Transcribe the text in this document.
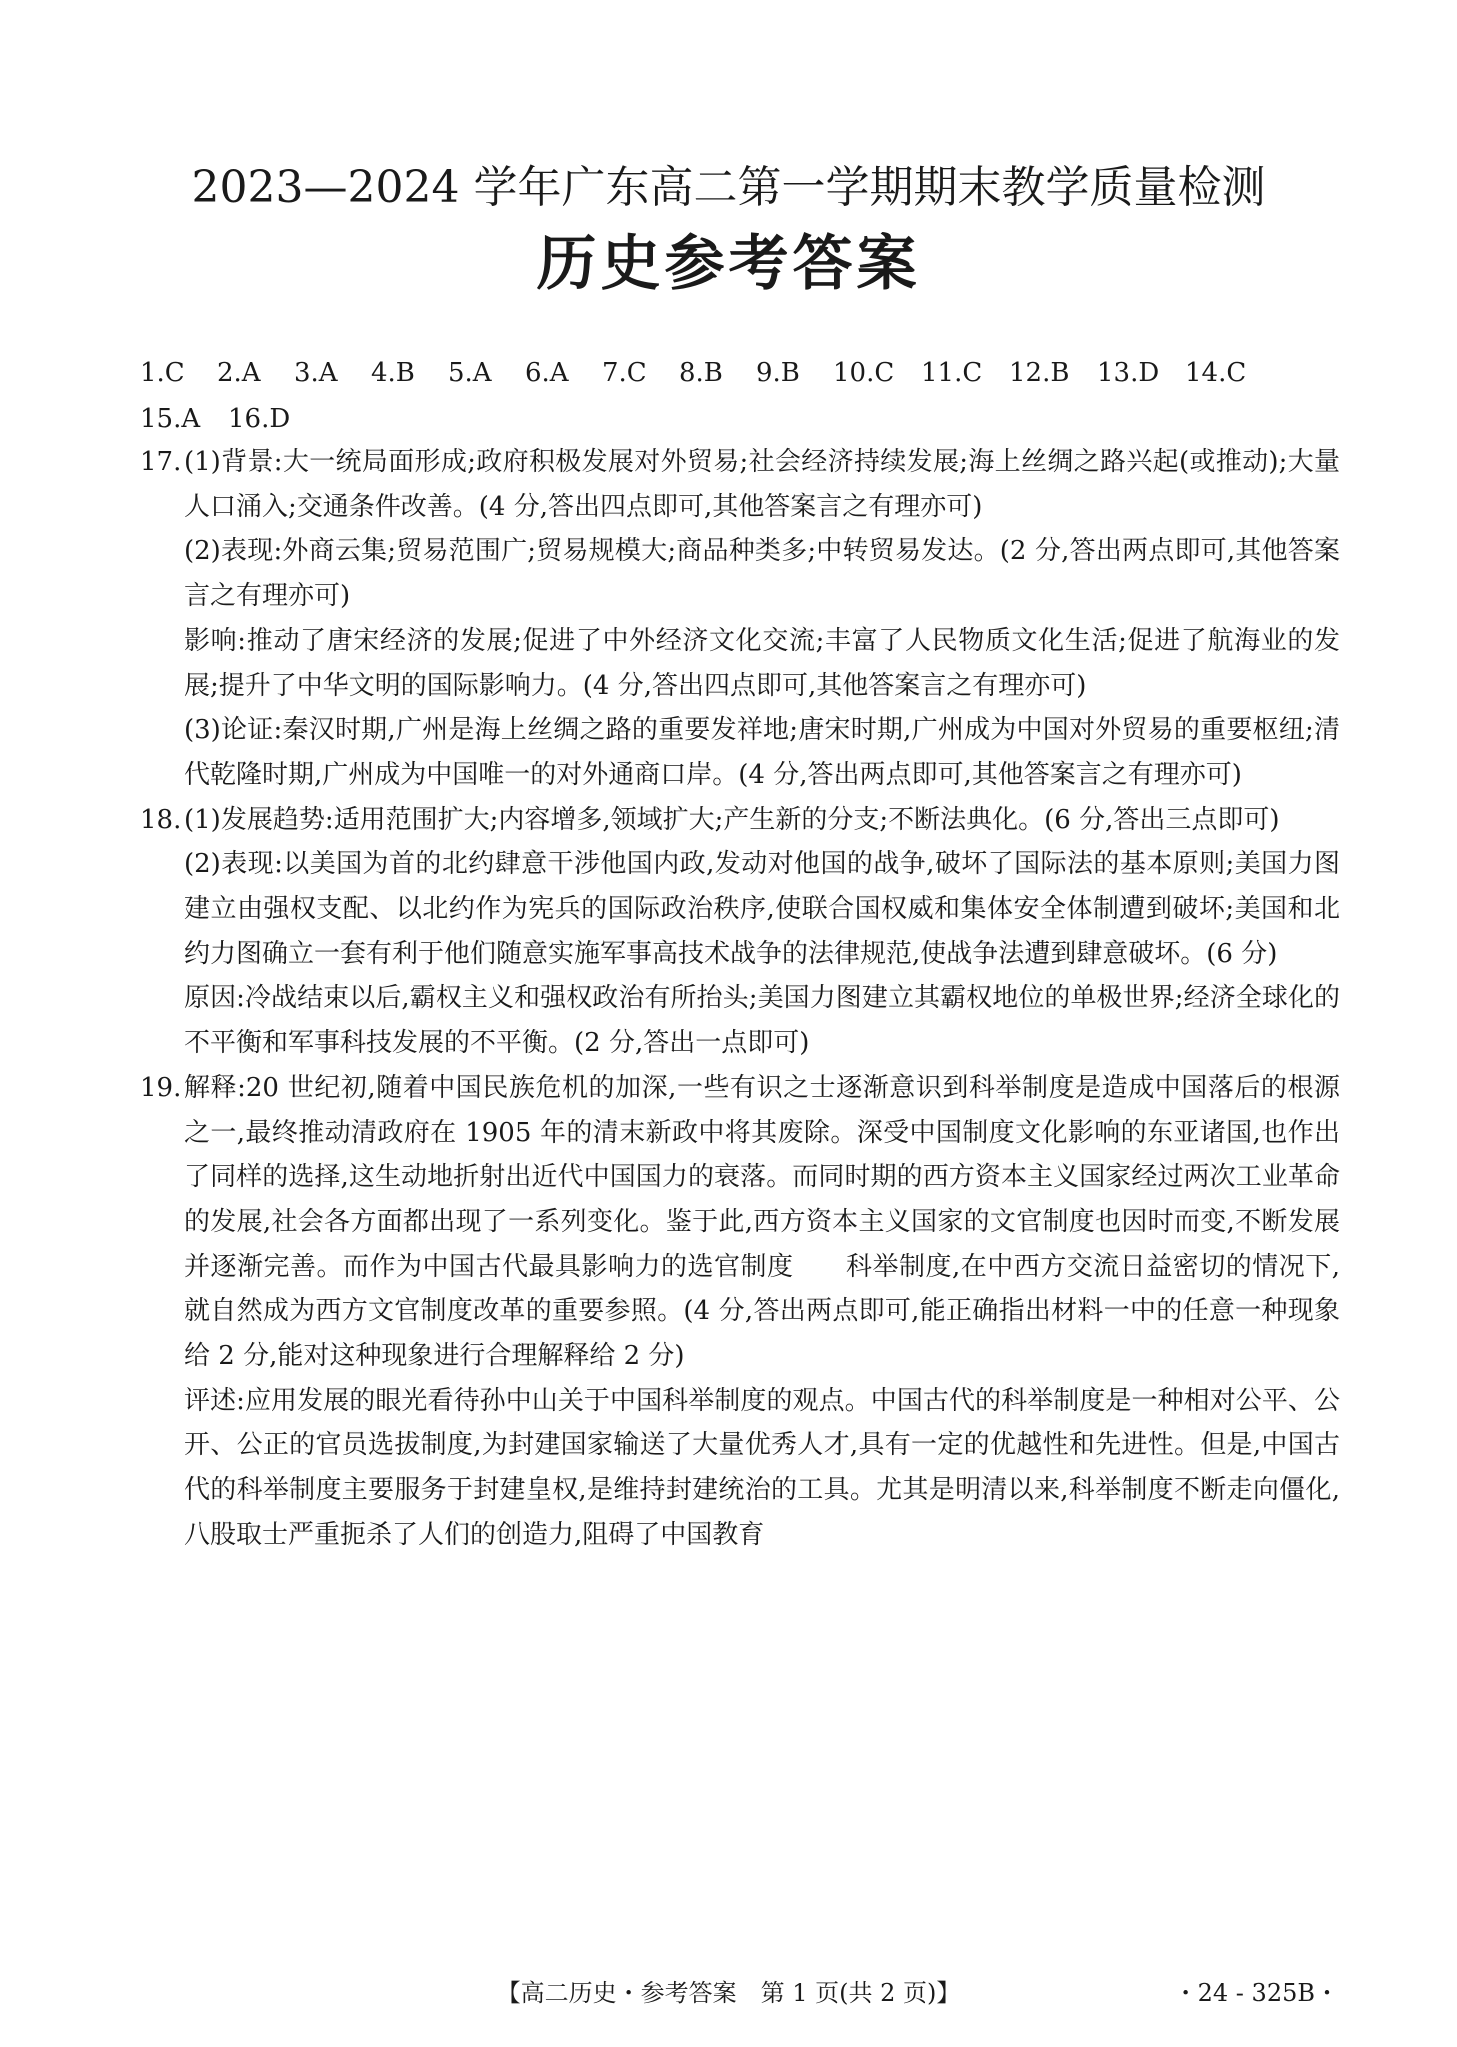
2023—2024 学年广东高二第一学期期末教学质量检测
历史参考答案
1.C 2.A 3.A 4.B 5.A 6.A 7.C 8.B 9.B 10.C 11.C 12.B 13.D 14.C
15.A 16.D
17. (1)背景:大一统局面形成;政府积极发展对外贸易;社会经济持续发展;海上丝绸之路兴起(或推动);大量人口涌入;交通条件改善。(4 分,答出四点即可,其他答案言之有理亦可)
(2)表现:外商云集;贸易范围广;贸易规模大;商品种类多;中转贸易发达。(2 分,答出两点即可,其他答案言之有理亦可)
影响:推动了唐宋经济的发展;促进了中外经济文化交流;丰富了人民物质文化生活;促进了航海业的发展;提升了中华文明的国际影响力。(4 分,答出四点即可,其他答案言之有理亦可)
(3)论证:秦汉时期,广州是海上丝绸之路的重要发祥地;唐宋时期,广州成为中国对外贸易的重要枢纽;清代乾隆时期,广州成为中国唯一的对外通商口岸。(4 分,答出两点即可,其他答案言之有理亦可)
18. (1)发展趋势:适用范围扩大;内容增多,领域扩大;产生新的分支;不断法典化。(6 分,答出三点即可)
(2)表现:以美国为首的北约肆意干涉他国内政,发动对他国的战争,破坏了国际法的基本原则;美国力图建立由强权支配、以北约作为宪兵的国际政治秩序,使联合国权威和集体安全体制遭到破坏;美国和北约力图确立一套有利于他们随意实施军事高技术战争的法律规范,使战争法遭到肆意破坏。(6 分)
原因:冷战结束以后,霸权主义和强权政治有所抬头;美国力图建立其霸权地位的单极世界;经济全球化的不平衡和军事科技发展的不平衡。(2 分,答出一点即可)
19. 解释:20 世纪初,随着中国民族危机的加深,一些有识之士逐渐意识到科举制度是造成中国落后的根源之一,最终推动清政府在 1905 年的清末新政中将其废除。深受中国制度文化影响的东亚诸国,也作出了同样的选择,这生动地折射出近代中国国力的衰落。而同时期的西方资本主义国家经过两次工业革命的发展,社会各方面都出现了一系列变化。鉴于此,西方资本主义国家的文官制度也因时而变,不断发展并逐渐完善。而作为中国古代最具影响力的选官制度      科举制度,在中西方交流日益密切的情况下,就自然成为西方文官制度改革的重要参照。(4 分,答出两点即可,能正确指出材料一中的任意一种现象给 2 分,能对这种现象进行合理解释给 2 分)
评述:应用发展的眼光看待孙中山关于中国科举制度的观点。中国古代的科举制度是一种相对公平、公开、公正的官员选拔制度,为封建国家输送了大量优秀人才,具有一定的优越性和先进性。但是,中国古代的科举制度主要服务于封建皇权,是维持封建统治的工具。尤其是明清以来,科举制度不断走向僵化,八股取士严重扼杀了人们的创造力,阻碍了中国教育
【高二历史・参考答案　第 1 页(共 2 页)】	・24 - 325B・
